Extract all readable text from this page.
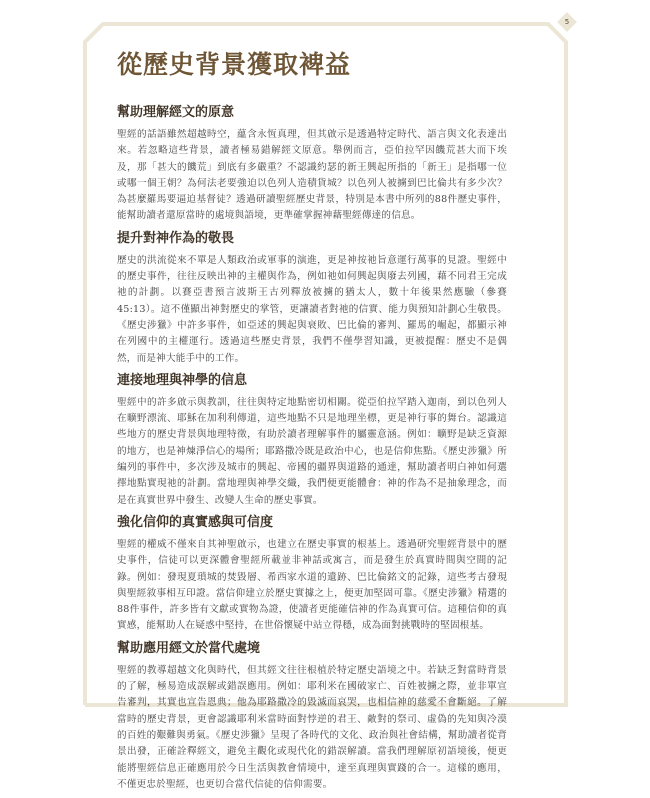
5
從歷史背景獲取裨益
幫助理解經文的原意

聖經的話語雖然超越時空，蘊含永恆真理，但其啟示是透過特定時代、語言與文化表達出來。若忽略這些背景，讀者極易錯解經文原意。舉例而言，亞伯拉罕因饑荒甚大而下埃及，那「甚大的饑荒」到底有多嚴重？不認識約瑟的新王興起所指的「新王」是指哪一位或哪一個王朝？為何法老要強迫以色列人造積貨城？以色列人被擄到巴比倫共有多少次？為甚麼羅馬要逼迫基督徒？透過研讀聖經歷史背景，特別是本書中所列的88件歷史事件，能幫助讀者還原當時的處境與語境，更準確掌握神藉聖經傳達的信息。

提升對神作為的敬畏

歷史的洪流從來不單是人類政治或軍事的演進，更是神按祂旨意運行萬事的見證。聖經中的歷史事件，往往反映出神的主權與作為，例如祂如何興起與廢去列國，藉不同君王完成祂的計劃。以賽亞書預言波斯王古列釋放被擄的猶太人，數十年後果然應驗（參賽45:13）。這不僅顯出神對歷史的掌管，更讓讀者對祂的信實、能力與預知計劃心生敬畏。《歷史涉獵》中許多事件，如亞述的興起與衰敗、巴比倫的審判、羅馬的崛起，都顯示神在列國中的主權運行。透過這些歷史背景，我們不僅學習知識，更被提醒：歷史不是偶然，而是神大能手中的工作。

連接地理與神學的信息

聖經中的許多啟示與教訓，往往與特定地點密切相關。從亞伯拉罕踏入迦南，到以色列人在曠野漂流、耶穌在加利利傳道，這些地點不只是地理坐標，更是神行事的舞台。認識這些地方的歷史背景與地理特徵，有助於讀者理解事件的屬靈意涵。例如：曠野是缺乏資源的地方，也是神煉淨信心的場所；耶路撒冷既是政治中心，也是信仰焦點。《歷史涉獵》所編列的事件中，多次涉及城市的興起、帝國的疆界與道路的通達，幫助讀者明白神如何選擇地點實現祂的計劃。當地理與神學交織，我們便更能體會：神的作為不是抽象理念，而是在真實世界中發生、改變人生命的歷史事實。

強化信仰的真實感與可信度

聖經的權威不僅來自其神聖啟示，也建立在歷史事實的根基上。透過研究聖經背景中的歷史事件，信徒可以更深體會聖經所載並非神話或寓言，而是發生於真實時間與空間的記錄。例如：發現夏瑣城的焚毀層、希西家水道的遺跡、巴比倫銘文的記錄，這些考古發現與聖經敘事相互印證。當信仰建立於歷史實據之上，便更加堅固可靠。《歷史涉獵》精選的88件事件，許多皆有文獻或實物為證，使讀者更能確信神的作為真實可信。這種信仰的真實感，能幫助人在疑惑中堅持，在世俗懷疑中站立得穩，成為面對挑戰時的堅固根基。

幫助應用經文於當代處境

聖經的教導超越文化與時代，但其經文往往根植於特定歷史語境之中。若缺乏對當時背景的了解，極易造成誤解或錯誤應用。例如：耶利米在國破家亡、百姓被擄之際，並非單宣告審判，其實也宣告恩典；他為耶路撒冷的毀滅而哀哭，也相信神的慈愛不會斷絕。了解當時的歷史背景，更會認識耶利米當時面對悖逆的君王、敵對的祭司、虛偽的先知與冷漠的百姓的艱難與勇氣。《歷史涉獵》呈現了各時代的文化、政治與社會結構，幫助讀者從背景出發，正確詮釋經文，避免主觀化或現代化的錯誤解讀。當我們理解原初語境後，便更能將聖經信息正確應用於今日生活與教會情境中，達至真理與實踐的合一。這樣的應用，不僅更忠於聖經，也更切合當代信徒的信仰需要。
